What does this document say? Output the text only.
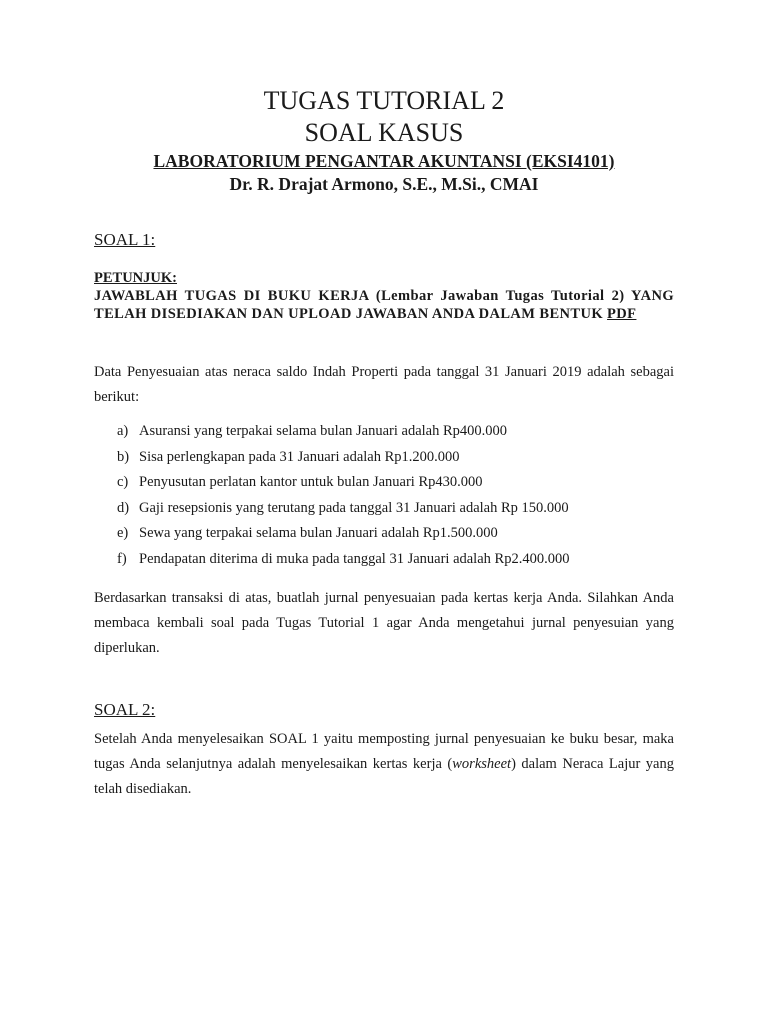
TUGAS TUTORIAL 2
SOAL KASUS
LABORATORIUM PENGANTAR AKUNTANSI (EKSI4101)
Dr. R. Drajat Armono, S.E., M.Si., CMAI
SOAL 1:
PETUNJUK:
JAWABLAH TUGAS DI BUKU KERJA (Lembar Jawaban Tugas Tutorial 2) YANG TELAH DISEDIAKAN DAN UPLOAD JAWABAN ANDA DALAM BENTUK PDF
Data Penyesuaian atas neraca saldo Indah Properti pada tanggal 31 Januari 2019 adalah sebagai berikut:
a) Asuransi yang terpakai selama bulan Januari adalah Rp400.000
b) Sisa perlengkapan pada 31 Januari adalah Rp1.200.000
c) Penyusutan perlatan kantor untuk bulan Januari Rp430.000
d) Gaji resepsionis yang terutang pada tanggal 31 Januari adalah Rp 150.000
e) Sewa yang terpakai selama bulan Januari adalah Rp1.500.000
f) Pendapatan diterima di muka pada tanggal 31 Januari adalah Rp2.400.000
Berdasarkan transaksi di atas, buatlah jurnal penyesuaian pada kertas kerja Anda. Silahkan Anda membaca kembali soal pada Tugas Tutorial 1 agar Anda mengetahui jurnal penyesuian yang diperlukan.
SOAL 2:
Setelah Anda menyelesaikan SOAL 1 yaitu memposting jurnal penyesuaian ke buku besar, maka tugas Anda selanjutnya adalah menyelesaikan kertas kerja (worksheet) dalam Neraca Lajur yang telah disediakan.
